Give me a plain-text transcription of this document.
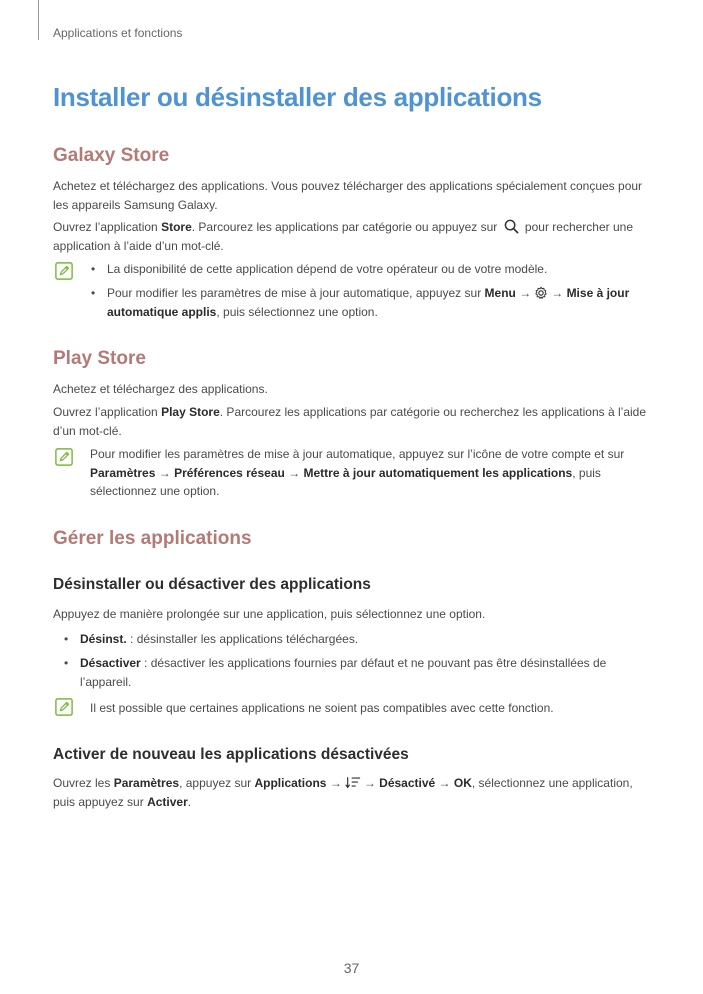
Applications et fonctions
Installer ou désinstaller des applications
Galaxy Store

Achetez et téléchargez des applications. Vous pouvez télécharger des applications spécialement conçues pour les appareils Samsung Galaxy.

Ouvrez l’application Store. Parcourez les applications par catégorie ou appuyez sur  pour rechercher une application à l’aide d’un mot-clé.

• La disponibilité de cette application dépend de votre opérateur ou de votre modèle.
• Pour modifier les paramètres de mise à jour automatique, appuyez sur Menu → → Mise à jour automatique applis, puis sélectionnez une option.
Play Store

Achetez et téléchargez des applications.

Ouvrez l’application Play Store. Parcourez les applications par catégorie ou recherchez les applications à l’aide d’un mot-clé.

Pour modifier les paramètres de mise à jour automatique, appuyez sur l’icône de votre compte et sur Paramètres → Préférences réseau → Mettre à jour automatiquement les applications, puis sélectionnez une option.

Gérer les applications
Désinstaller ou désactiver des applications

Appuyez de manière prolongée sur une application, puis sélectionnez une option.

• Désinst. : désinstaller les applications téléchargées.
• Désactiver : désactiver les applications fournies par défaut et ne pouvant pas être désinstallées de l’appareil.

Il est possible que certaines applications ne soient pas compatibles avec cette fonction.

Activer de nouveau les applications désactivées

Ouvrez les Paramètres, appuyez sur Applications → → Désactivé → OK, sélectionnez une application, puis appuyez sur Activer.

37
